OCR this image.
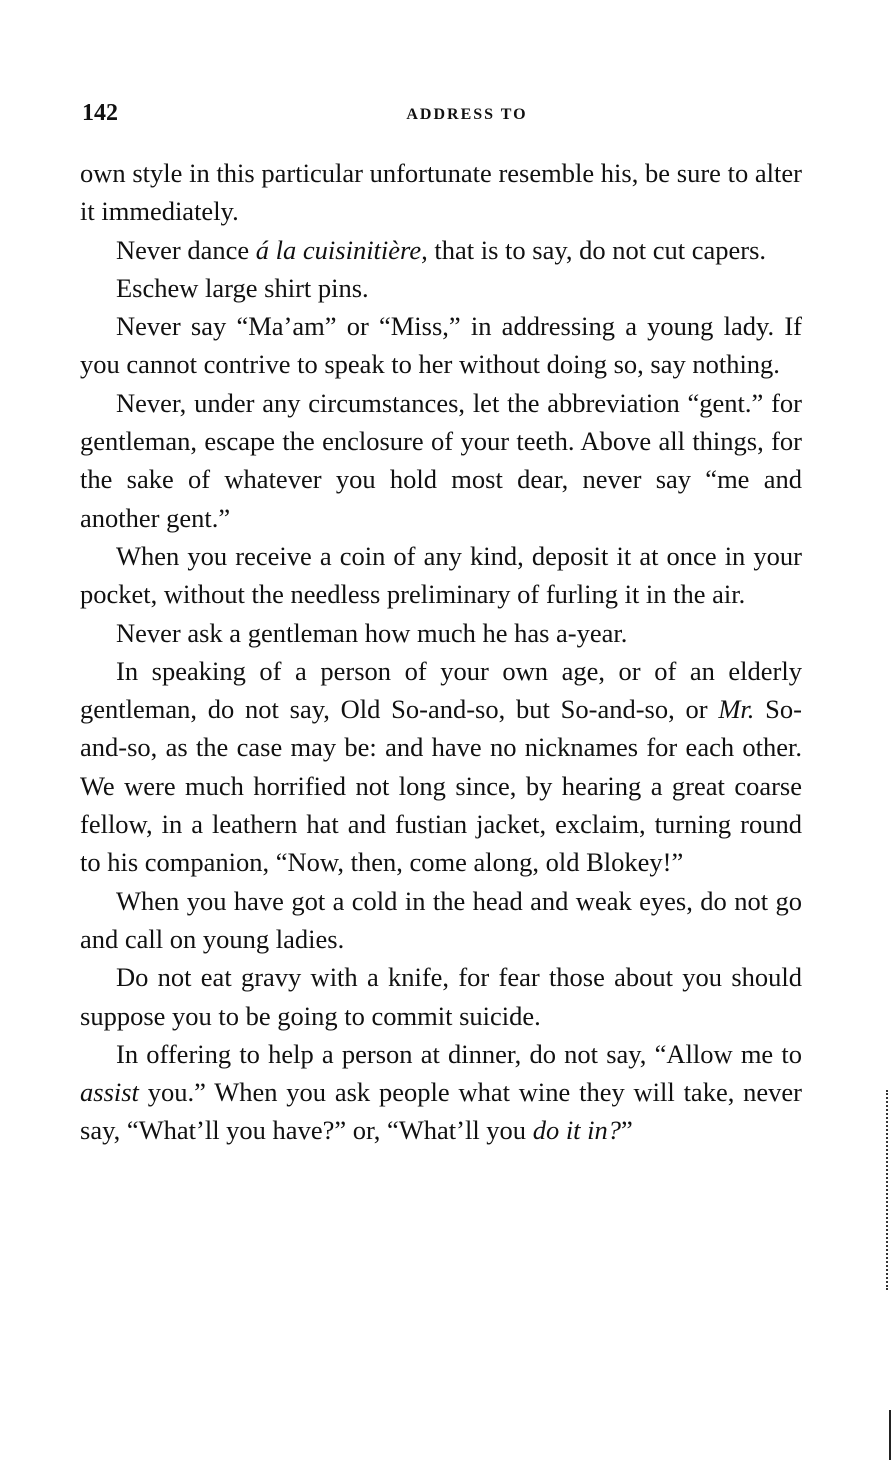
142	ADDRESS TO

own style in this particular unfortunate resemble his, be sure to alter it immediately.

Never dance á la cuisinitière, that is to say, do not cut capers.

Eschew large shirt pins.

Never say “Ma’am” or “Miss,” in addressing a young lady. If you cannot contrive to speak to her without doing so, say nothing.

Never, under any circumstances, let the abbreviation “gent.” for gentleman, escape the enclosure of your teeth. Above all things, for the sake of whatever you hold most dear, never say “me and another gent.”

When you receive a coin of any kind, deposit it at once in your pocket, without the needless preliminary of furling it in the air.

Never ask a gentleman how much he has a-year.

In speaking of a person of your own age, or of an elderly gentleman, do not say, Old So-and-so, but So-and-so, or Mr. So-and-so, as the case may be: and have no nicknames for each other. We were much horrified not long since, by hearing a great coarse fellow, in a leathern hat and fustian jacket, exclaim, turning round to his companion, “Now, then, come along, old Blokey!”

When you have got a cold in the head and weak eyes, do not go and call on young ladies.

Do not eat gravy with a knife, for fear those about you should suppose you to be going to commit suicide.

In offering to help a person at dinner, do not say, “Allow me to assist you.” When you ask people what wine they will take, never say, “What’ll you have?” or, “What’ll you do it in?”
